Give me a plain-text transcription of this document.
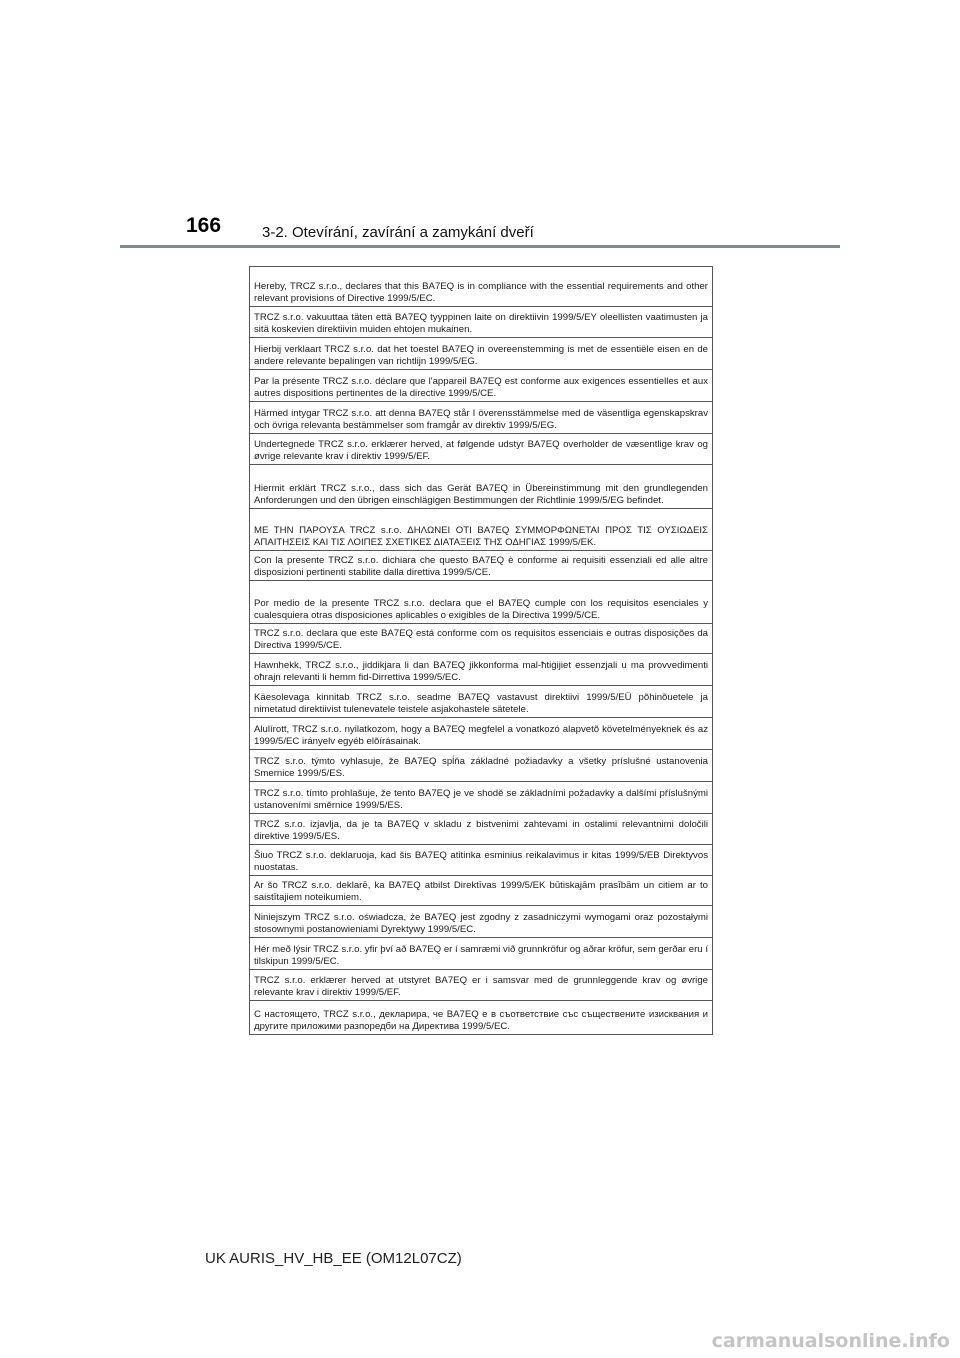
166	3-2. Otevírání, zavírání a zamykání dveří
Hereby, TRCZ s.r.o., declares that this BA7EQ is in compliance with the essential requirements and other relevant provisions of Directive 1999/5/EC.
TRCZ s.r.o. vakuuttaa täten että BA7EQ tyyppinen laite on direktiivin 1999/5/EY oleellisten vaatimusten ja sitä koskevien direktiivin muiden ehtojen mukainen.
Hierbij verklaart TRCZ s.r.o. dat het toestel BA7EQ in overeenstemming is met de essentiële eisen en de andere relevante bepalingen van richtlijn 1999/5/EG.
Par la présente TRCZ s.r.o. déclare que l'appareil BA7EQ est conforme aux exigences essentielles et aux autres dispositions pertinentes de la directive 1999/5/CE.
Härmed intygar TRCZ s.r.o. att denna BA7EQ står I överensstämmelse med de väsentliga egenskapskrav och övriga relevanta bestämmelser som framgår av direktiv 1999/5/EG.
Undertegnede TRCZ s.r.o. erklærer herved, at følgende udstyr BA7EQ overholder de væsentlige krav og øvrige relevante krav i direktiv 1999/5/EF.
Hiermit erklärt TRCZ s.r.o., dass sich das Gerät BA7EQ in Übereinstimmung mit den grundlegenden Anforderungen und den übrigen einschlägigen Bestimmungen der Richtlinie 1999/5/EG befindet.
ΜΕ ΤΗΝ ΠΑΡΟΥΣΑ TRCZ s.r.o. ΔΗΛΩΝΕΙ ΟΤΙ BA7EQ ΣΥΜΜΟΡΦΩΝΕΤΑΙ ΠΡΟΣ ΤΙΣ ΟΥΣΙΩΔΕΙΣ ΑΠΑΙΤΗΣΕΙΣ ΚΑΙ ΤΙΣ ΛΟΙΠΕΣ ΣΧΕΤΙΚΕΣ ΔΙΑΤΑΞΕΙΣ ΤΗΣ ΟΔΗΓΙΑΣ 1999/5/ΕΚ.
Con la presente TRCZ s.r.o. dichiara che questo BA7EQ è conforme ai requisiti essenziali ed alle altre disposizioni pertinenti stabilite dalla direttiva 1999/5/CE.
Por medio de la presente TRCZ s.r.o. declara que el BA7EQ cumple con los requisitos esenciales y cualesquiera otras disposiciones aplicables o exigibles de la Directiva 1999/5/CE.
TRCZ s.r.o. declara que este BA7EQ está conforme com os requisitos essenciais e outras disposições da Directiva 1999/5/CE.
Hawnhekk, TRCZ s.r.o., jiddikjara li dan BA7EQ jikkonforma mal-ħtiġijiet essenzjali u ma provvedimenti oħrajn relevanti li hemm fid-Dirrettiva 1999/5/EC.
Käesolevaga kinnitab TRCZ s.r.o. seadme BA7EQ vastavust direktiivi 1999/5/EÜ põhinõuetele ja nimetatud direktiivist tulenevatele teistele asjakohastele sätetele.
Alulírott, TRCZ s.r.o. nyilatkozom, hogy a BA7EQ megfelel a vonatkozó alapvetõ követelményeknek és az 1999/5/EC irányelv egyéb elõírásainak.
TRCZ s.r.o. týmto vyhlasuje, že BA7EQ spĺňa základné požiadavky a všetky príslušné ustanovenia Smernice 1999/5/ES.
TRCZ s.r.o. tímto prohlašuje, že tento BA7EQ je ve shodě se základními požadavky a dalšími příslušnými ustanoveními směrnice 1999/5/ES.
TRCZ s.r.o. izjavlja, da je ta BA7EQ v skladu z bistvenimi zahtevami in ostalimi relevantnimi določili direktive 1999/5/ES.
Šiuo TRCZ s.r.o. deklaruoja, kad šis BA7EQ atitinka esminius reikalavimus ir kitas 1999/5/EB Direktyvos nuostatas.
Ar šo TRCZ s.r.o. deklarē, ka BA7EQ atbilst Direktīvas 1999/5/EK būtiskajām prasībām un citiem ar to saistītajiem noteikumiem.
Niniejszym TRCZ s.r.o. oświadcza, że BA7EQ jest zgodny z zasadniczymi wymogami oraz pozostałymi stosownymi postanowieniami Dyrektywy 1999/5/EC.
Hér með lýsir TRCZ s.r.o. yfir því að BA7EQ er í samræmi við grunnkröfur og aðrar kröfur, sem gerðar eru í tilskipun 1999/5/EC.
TRCZ s.r.o. erklærer herved at utstyret BA7EQ er i samsvar med de grunnleggende krav og øvrige relevante krav i direktiv 1999/5/EF.
С настоящето, TRCZ s.r.o., декларира, че BA7EQ е в съответствие със съществените изисквания и другите приложими разпоредби на Директива 1999/5/EC.
UK AURIS_HV_HB_EE (OM12L07CZ)
carmanualsonline.info
